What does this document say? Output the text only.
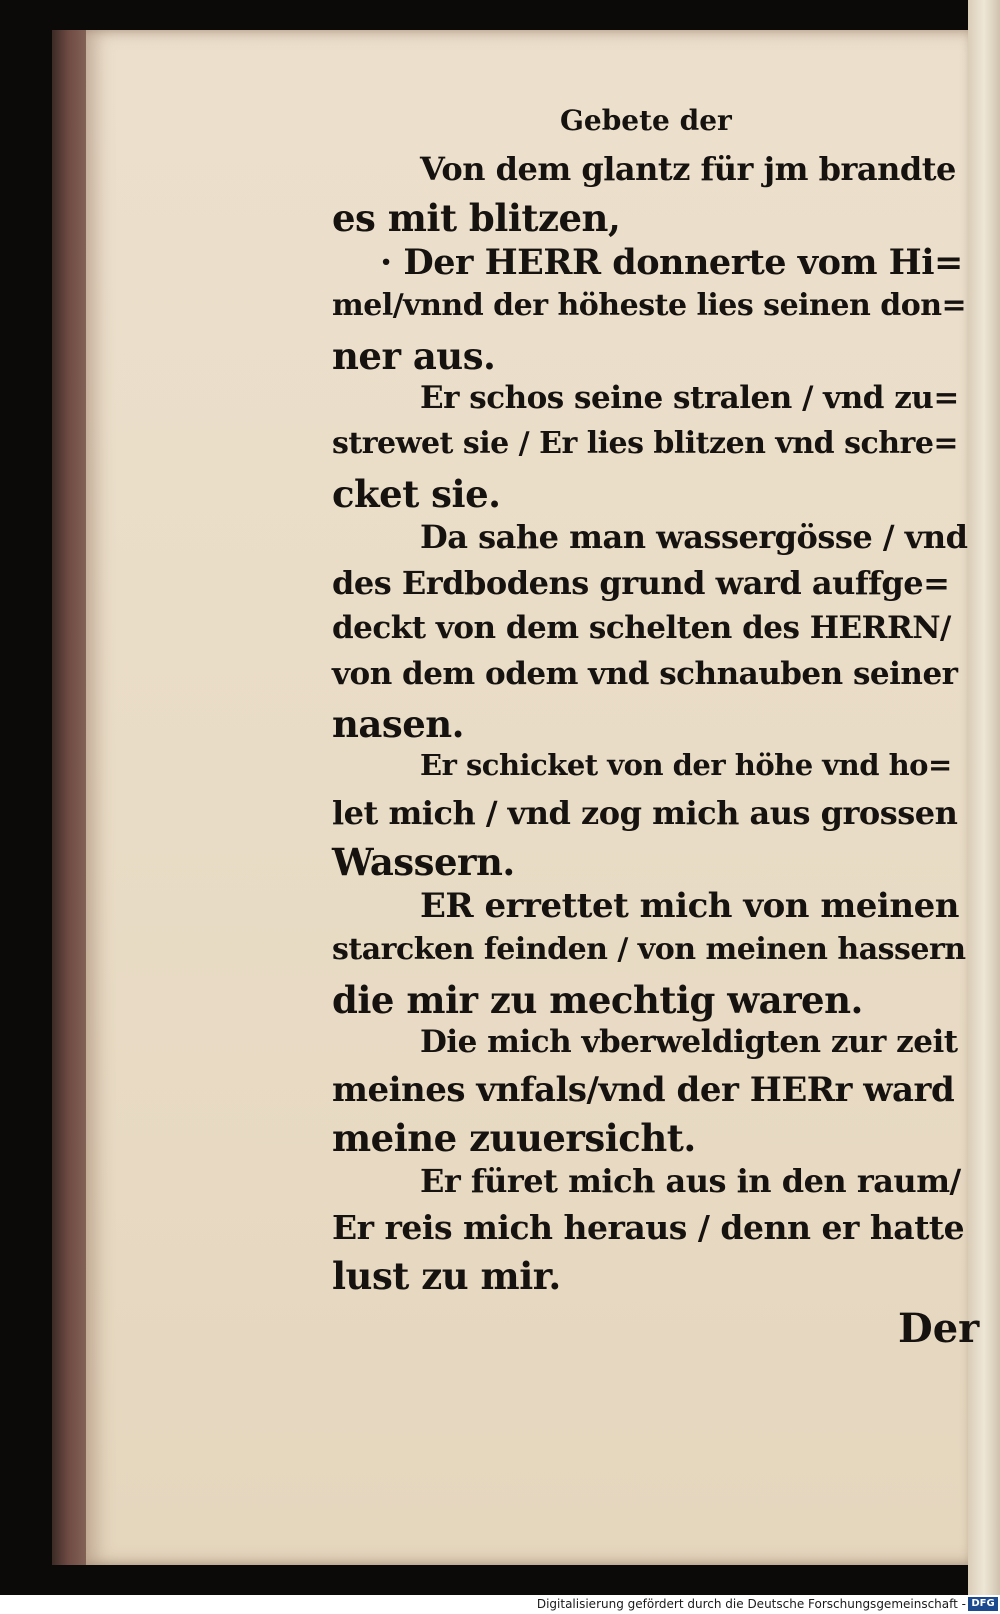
Gebete der
Von dem glantz für jm brandte
es mit blitzen,
· Der HERR donnerte vom Hi=
mel/vnnd der höheste lies seinen don=
ner aus.
Er schos seine stralen / vnd zu=
strewet sie / Er lies blitzen vnd schre=
cket sie.
Da sahe man wassergösse / vnd
des Erdbodens grund ward auffge=
deckt von dem schelten des HERRN/
von dem odem vnd schnauben seiner
nasen.
Er schicket von der höhe vnd ho=
let mich / vnd zog mich aus grossen
Wassern.
ER errettet mich von meinen
starcken feinden / von meinen hassern
die mir zu mechtig waren.
Die mich vberweldigten zur zeit
meines vnfals/vnd der HERr ward
meine zuuersicht.
Er füret mich aus in den raum/
Er reis mich heraus / denn er hatte
lust zu mir.
Der
Digitalisierung gefördert durch die Deutsche Forschungsgemeinschaft - DFG
